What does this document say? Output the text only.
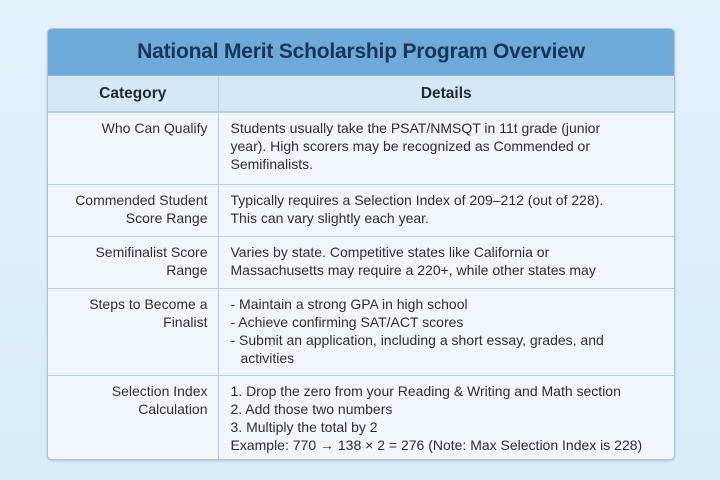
National Merit Scholarship Program Overview
Category	Details
Who Can Qualify	Students usually take the PSAT/NMSQT in 11t grade (junior
year). High scorers may be recognized as Commended or
Semifinalists.

Commended Student Score Range	Typically requires a Selection Index of 209–212 (out of 228).
This can vary slightly each year.

Semifinalist Score Range	Varies by state. Competitive states like California or
Massachusetts may require a 220+, while other states may

Steps to Become a Finalist	- Maintain a strong GPA in high school
- Achieve confirming SAT/ACT scores
- Submit an application, including a short essay, grades, and
activities

Selection Index Calculation	1. Drop the zero from your Reading & Writing and Math section
2. Add those two numbers
3. Multiply the total by 2
Example: 770 → 138 × 2 = 276 (Note: Max Selection Index is 228)
